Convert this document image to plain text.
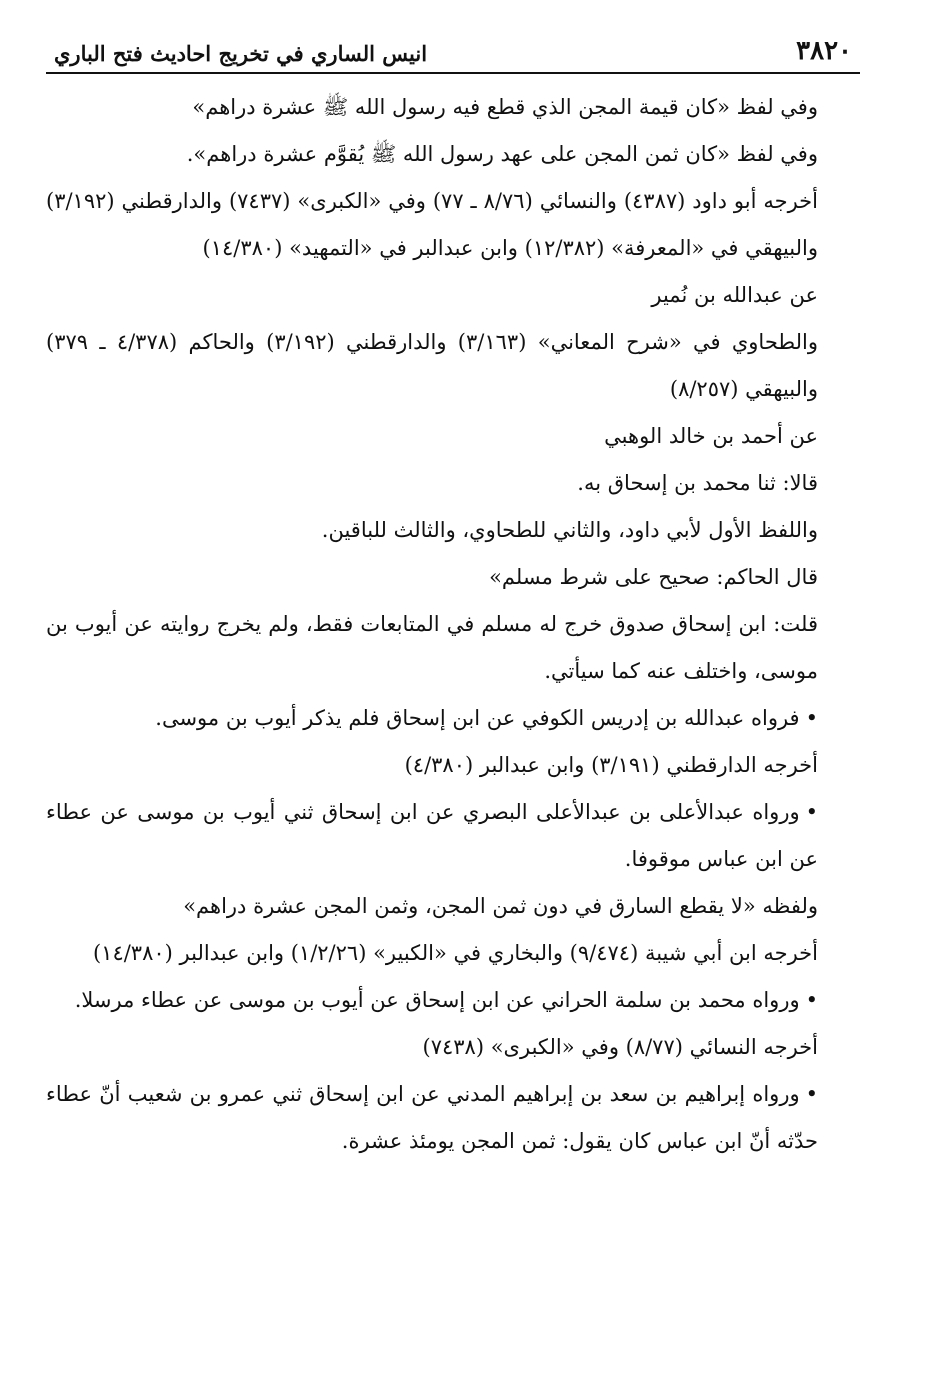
٣٨٢٠
انيس الساري في تخريج احاديث فتح الباري

وفي لفظ «كان قيمة المجن الذي قطع فيه رسول الله ﷺ عشرة دراهم»

وفي لفظ «كان ثمن المجن على عهد رسول الله ﷺ يُقوَّم عشرة دراهم».

أخرجه أبو داود (٤٣٨٧) والنسائي (٨/٧٦ ـ ٧٧) وفي «الكبرى» (٧٤٣٧) والدارقطني (٣/١٩٢) والبيهقي في «المعرفة» (١٢/٣٨٢) وابن عبدالبر في «التمهيد» (١٤/٣٨٠)

عن عبدالله بن نُمير

والطحاوي في «شرح المعاني» (٣/١٦٣) والدارقطني (٣/١٩٢) والحاكم (٤/٣٧٨ ـ ٣٧٩) والبيهقي (٨/٢٥٧)

عن أحمد بن خالد الوهبي

قالا: ثنا محمد بن إسحاق به.

واللفظ الأول لأبي داود، والثاني للطحاوي، والثالث للباقين.

قال الحاكم: صحيح على شرط مسلم»

قلت: ابن إسحاق صدوق خرج له مسلم في المتابعات فقط، ولم يخرج روايته عن أيوب بن موسى، واختلف عنه كما سيأتي.

•فرواه عبدالله بن إدريس الكوفي عن ابن إسحاق فلم يذكر أيوب بن موسى.

أخرجه الدارقطني (٣/١٩١) وابن عبدالبر (٤/٣٨٠)

•ورواه عبدالأعلى بن عبدالأعلى البصري عن ابن إسحاق ثني أيوب بن موسى عن عطاء عن ابن عباس موقوفا.

ولفظه «لا يقطع السارق في دون ثمن المجن، وثمن المجن عشرة دراهم»

أخرجه ابن أبي شيبة (٩/٤٧٤) والبخاري في «الكبير» (١/٢/٢٦) وابن عبدالبر (١٤/٣٨٠)

•ورواه محمد بن سلمة الحراني عن ابن إسحاق عن أيوب بن موسى عن عطاء مرسلا.

أخرجه النسائي (٨/٧٧) وفي «الكبرى» (٧٤٣٨)

•ورواه إبراهيم بن سعد بن إبراهيم المدني عن ابن إسحاق ثني عمرو بن شعيب أنّ عطاء حدّثه أنّ ابن عباس كان يقول: ثمن المجن يومئذ عشرة.
